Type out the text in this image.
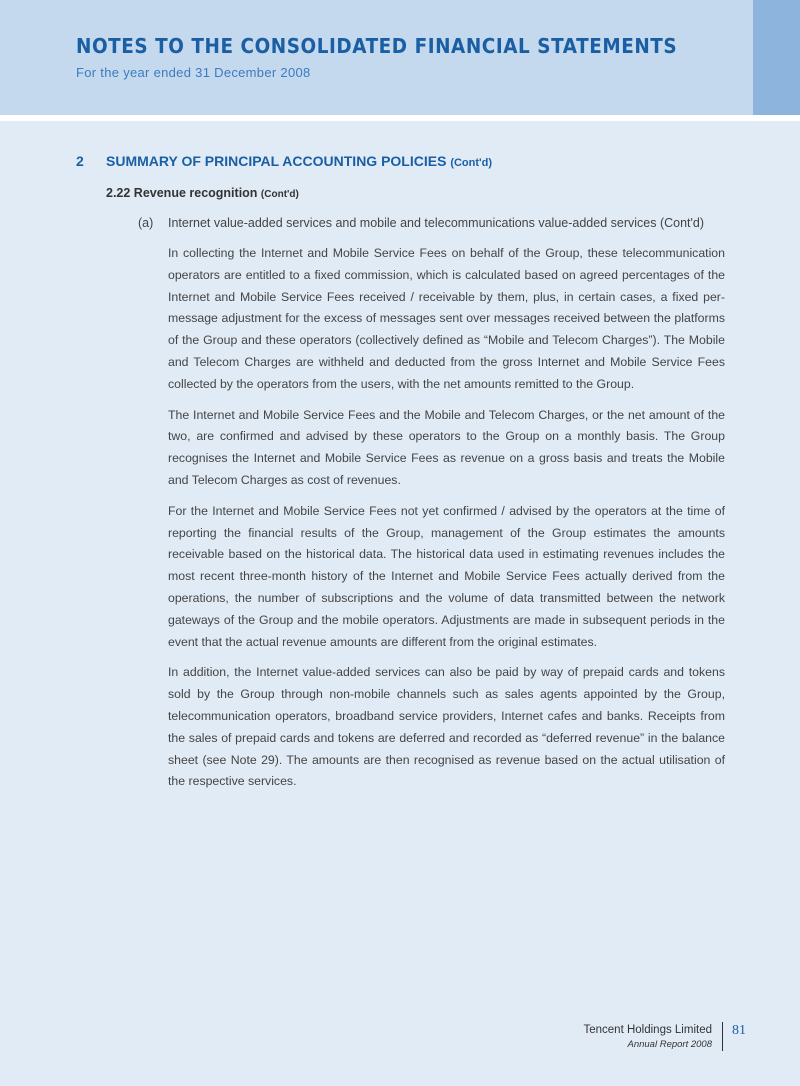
NOTES TO THE CONSOLIDATED FINANCIAL STATEMENTS

For the year ended 31 December 2008

2 SUMMARY OF PRINCIPAL ACCOUNTING POLICIES (Cont'd)
2.22 Revenue recognition (Cont'd)
(a) Internet value-added services and mobile and telecommunications value-added services (Cont'd)

In collecting the Internet and Mobile Service Fees on behalf of the Group, these telecommunication operators are entitled to a fixed commission, which is calculated based on agreed percentages of the Internet and Mobile Service Fees received / receivable by them, plus, in certain cases, a fixed per-message adjustment for the excess of messages sent over messages received between the platforms of the Group and these operators (collectively defined as “Mobile and Telecom Charges”). The Mobile and Telecom Charges are withheld and deducted from the gross Internet and Mobile Service Fees collected by the operators from the users, with the net amounts remitted to the Group.

The Internet and Mobile Service Fees and the Mobile and Telecom Charges, or the net amount of the two, are confirmed and advised by these operators to the Group on a monthly basis. The Group recognises the Internet and Mobile Service Fees as revenue on a gross basis and treats the Mobile and Telecom Charges as cost of revenues.

For the Internet and Mobile Service Fees not yet confirmed / advised by the operators at the time of reporting the financial results of the Group, management of the Group estimates the amounts receivable based on the historical data. The historical data used in estimating revenues includes the most recent three-month history of the Internet and Mobile Service Fees actually derived from the operations, the number of subscriptions and the volume of data transmitted between the network gateways of the Group and the mobile operators. Adjustments are made in subsequent periods in the event that the actual revenue amounts are different from the original estimates.

In addition, the Internet value-added services can also be paid by way of prepaid cards and tokens sold by the Group through non-mobile channels such as sales agents appointed by the Group, telecommunication operators, broadband service providers, Internet cafes and banks. Receipts from the sales of prepaid cards and tokens are deferred and recorded as “deferred revenue” in the balance sheet (see Note 29). The amounts are then recognised as revenue based on the actual utilisation of the respective services.

Tencent Holdings Limited

Annual Report 2008

81
